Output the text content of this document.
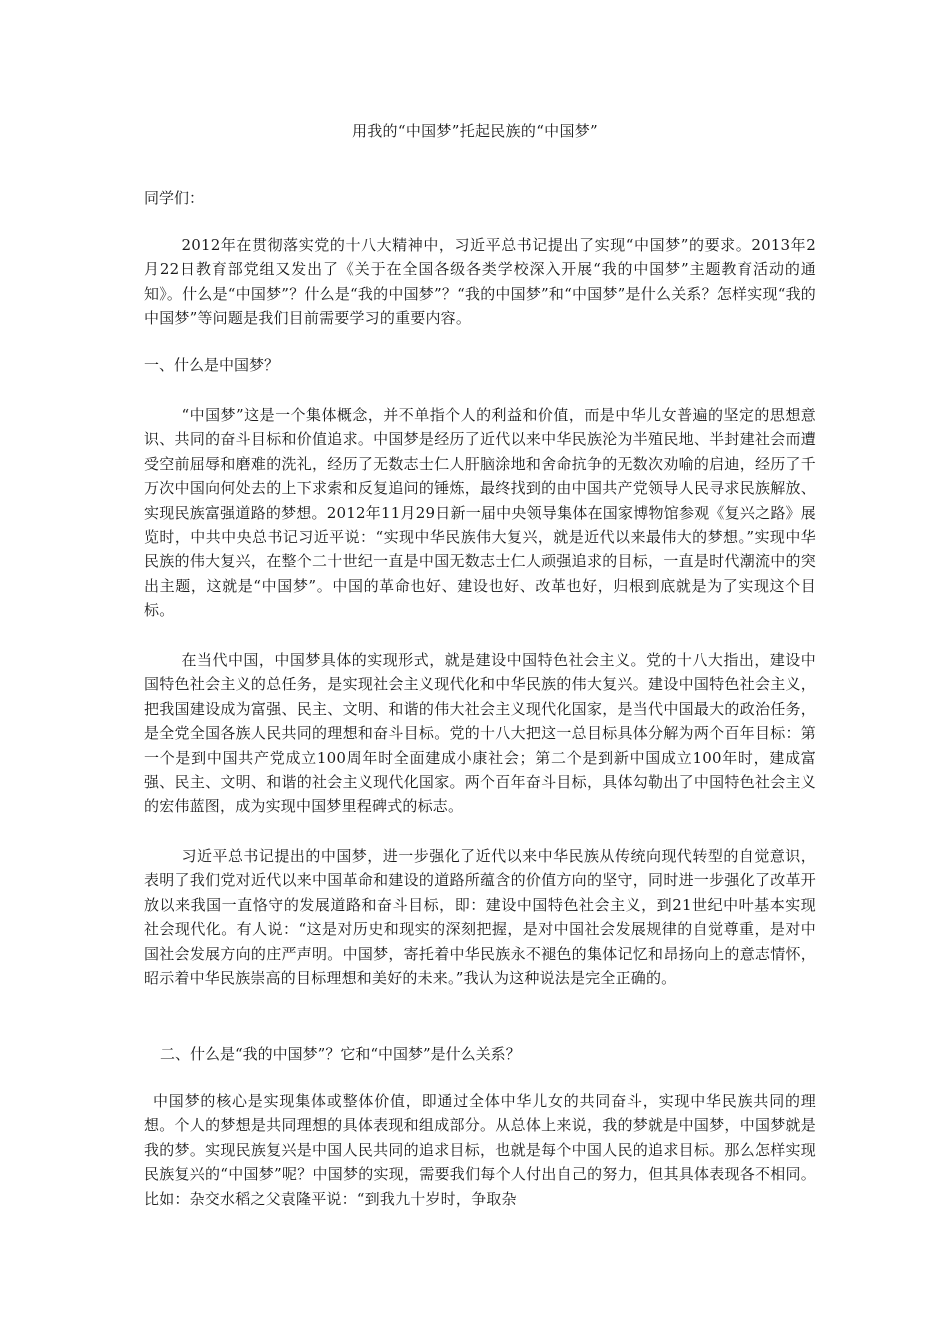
用我的“中国梦”托起民族的“中国梦”
同学们：
2012年在贯彻落实党的十八大精神中，习近平总书记提出了实现“中国梦”的要求。2013年2月22日教育部党组又发出了《关于在全国各级各类学校深入开展“我的中国梦”主题教育活动的通知》。什么是“中国梦”？什么是“我的中国梦”？“我的中国梦”和“中国梦”是什么关系？怎样实现“我的中国梦”等问题是我们目前需要学习的重要内容。
一、什么是中国梦？
“中国梦”这是一个集体概念，并不单指个人的利益和价值，而是中华儿女普遍的坚定的思想意识、共同的奋斗目标和价值追求。中国梦是经历了近代以来中华民族沦为半殖民地、半封建社会而遭受空前屈辱和磨难的洗礼，经历了无数志士仁人肝脑涂地和舍命抗争的无数次劝喻的启迪，经历了千万次中国向何处去的上下求索和反复追问的锤炼，最终找到的由中国共产党领导人民寻求民族解放、实现民族富强道路的梦想。2012年11月29日新一届中央领导集体在国家博物馆参观《复兴之路》展览时，中共中央总书记习近平说：“实现中华民族伟大复兴，就是近代以来最伟大的梦想。”实现中华民族的伟大复兴，在整个二十世纪一直是中国无数志士仁人顽强追求的目标，一直是时代潮流中的突出主题，这就是“中国梦”。中国的革命也好、建设也好、改革也好，归根到底就是为了实现这个目标。
在当代中国，中国梦具体的实现形式，就是建设中国特色社会主义。党的十八大指出，建设中国特色社会主义的总任务，是实现社会主义现代化和中华民族的伟大复兴。建设中国特色社会主义，把我国建设成为富强、民主、文明、和谐的伟大社会主义现代化国家，是当代中国最大的政治任务，是全党全国各族人民共同的理想和奋斗目标。党的十八大把这一总目标具体分解为两个百年目标：第一个是到中国共产党成立100周年时全面建成小康社会；第二个是到新中国成立100年时，建成富强、民主、文明、和谐的社会主义现代化国家。两个百年奋斗目标，具体勾勒出了中国特色社会主义的宏伟蓝图，成为实现中国梦里程碑式的标志。
习近平总书记提出的中国梦，进一步强化了近代以来中华民族从传统向现代转型的自觉意识，表明了我们党对近代以来中国革命和建设的道路所蕴含的价值方向的坚守，同时进一步强化了改革开放以来我国一直恪守的发展道路和奋斗目标，即：建设中国特色社会主义，到21世纪中叶基本实现社会现代化。有人说：“这是对历史和现实的深刻把握，是对中国社会发展规律的自觉尊重，是对中国社会发展方向的庄严声明。中国梦，寄托着中华民族永不褪色的集体记忆和昂扬向上的意志情怀，昭示着中华民族崇高的目标理想和美好的未来。”我认为这种说法是完全正确的。
二、什么是“我的中国梦”？它和“中国梦”是什么关系？
中国梦的核心是实现集体或整体价值，即通过全体中华儿女的共同奋斗，实现中华民族共同的理想。个人的梦想是共同理想的具体表现和组成部分。从总体上来说，我的梦就是中国梦，中国梦就是我的梦。实现民族复兴是中国人民共同的追求目标，也就是每个中国人民的追求目标。那么怎样实现民族复兴的“中国梦”呢？中国梦的实现，需要我们每个人付出自己的努力，但其具体表现各不相同。比如：杂交水稻之父袁隆平说：“到我九十岁时，争取杂
